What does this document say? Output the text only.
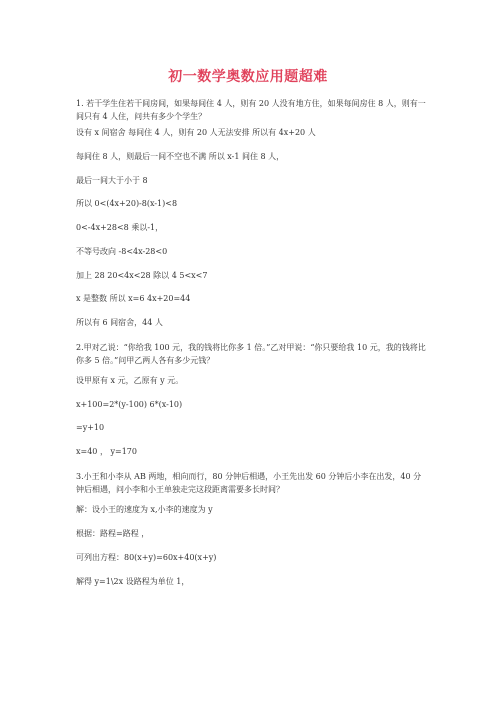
初一数学奥数应用题超难
1. 若干学生住若干间房间，如果每间住 4 人，则有 20 人没有地方住，如果每间房住 8 人，则有一间只有 4 人住，问共有多少个学生？
设有 x 间宿舍 每间住 4 人，则有 20 人无法安排 所以有 4x+20 人
每间住 8 人，则最后一间不空也不满 所以 x-1 间住 8 人，
最后一间大于小于 8
所以 0<(4x+20)-8(x-1)<8
0<-4x+28<8 乘以-1，
不等号改向 -8<4x-28<0
加上 28 20<4x<28 除以 4 5<x<7
x 是整数 所以 x=6 4x+20=44
所以有 6 间宿舍，44 人
2.甲对乙说：“你给我 100 元，我的钱将比你多 1 倍。”乙对甲说：“你只要给我 10 元，我的钱将比你多 5 倍。”问甲乙两人各有多少元钱？
设甲原有 x 元，乙原有 y 元。
x+100=2*(y-100) 6*(x-10)
=y+10
x=40 ， y=170
3.小王和小李从 AB 两地，相向而行，80 分钟后相遇，小王先出发 60 分钟后小李在出发，40 分钟后相遇，问小李和小王单独走完这段距离需要多长时间？
解：设小王的速度为 x,小李的速度为 y
根据：路程=路程 ，
可列出方程：80(x+y)=60x+40(x+y)
解得 y=1\2x 设路程为单位 1，
